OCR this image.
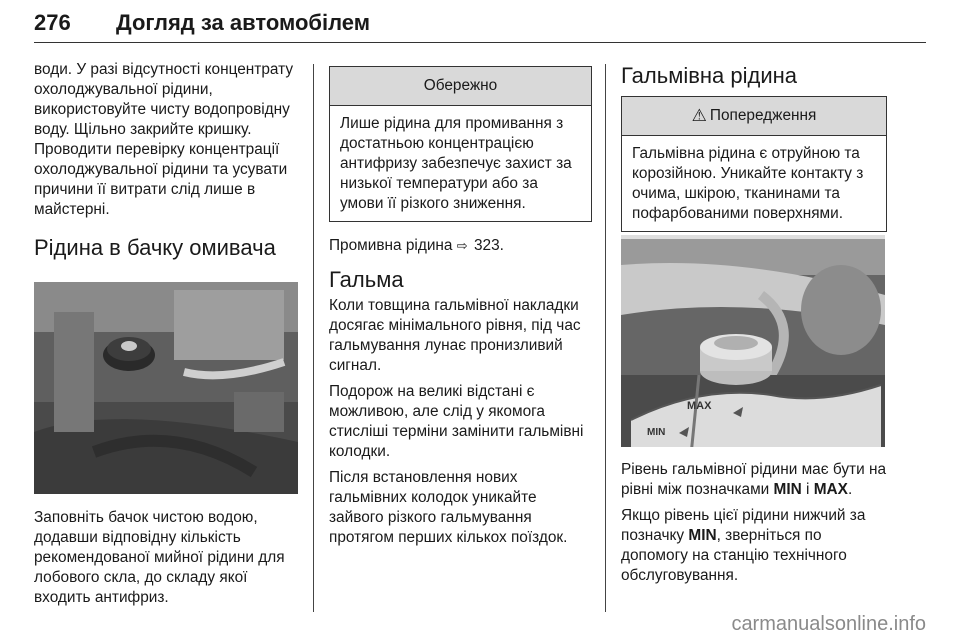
276 Догляд за автомобілем

води. У разі відсутності концентрату охолоджувальної рідини, використовуйте чисту водопровідну воду. Щільно закрийте кришку. Проводити перевірку концентрації охолоджувальної рідини та усувати причини її витрати слід лише в майстерні.

Рідина в бачку омивача

Заповніть бачок чистою водою, додавши відповідну кількість рекомендованої мийної рідини для лобового скла, до складу якої входить антифриз.

Обережно
Лише рідина для промивання з достатньою концентрацією антифризу забезпечує захист за низької температури або за умови її різкого зниження.

Промивна рідина ⇨ 323.

Гальма

Коли товщина гальмівної накладки досягає мінімального рівня, під час гальмування лунає пронизливий сигнал.

Подорож на великі відстані є можливою, але слід у якомога стисліші терміни замінити гальмівні колодки.

Після встановлення нових гальмівних колодок уникайте зайвого різкого гальмування протягом перших кількох поїздок.

Гальмівна рідина
⚠ Попередження
Гальмівна рідина є отруйною та корозійною. Уникайте контакту з очима, шкірою, тканинами та пофарбованими поверхнями.
MAX
MIN

Рівень гальмівної рідини має бути на рівні між позначками MIN і MAX.

Якщо рівень цієї рідини нижчий за позначку MIN, зверніться по допомогу на станцію технічного обслуговування.

carmanualsonline.info
